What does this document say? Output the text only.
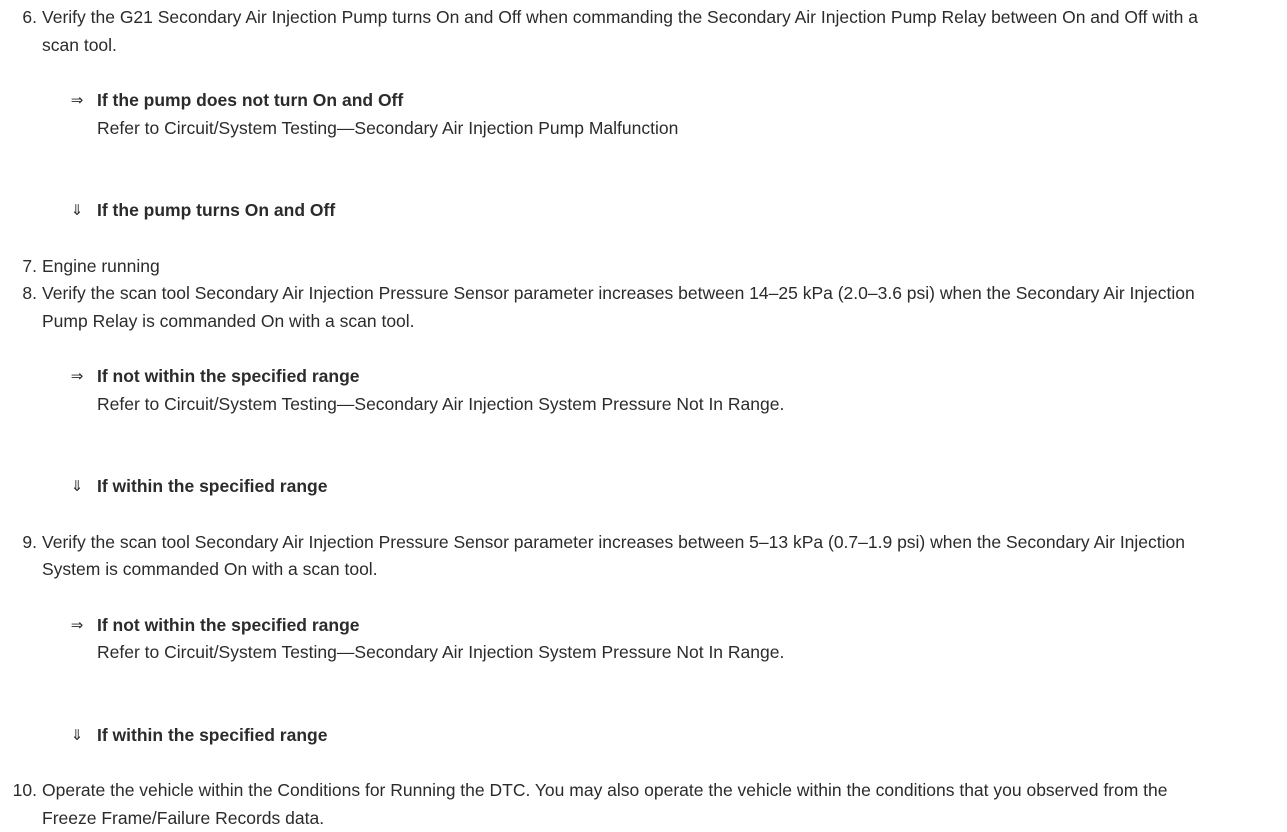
6. Verify the G21 Secondary Air Injection Pump turns On and Off when commanding the Secondary Air Injection Pump Relay between On and Off with a scan tool.
⇒ If the pump does not turn On and Off
Refer to Circuit/System Testing—Secondary Air Injection Pump Malfunction
⇓ If the pump turns On and Off
7. Engine running
8. Verify the scan tool Secondary Air Injection Pressure Sensor parameter increases between 14–25 kPa (2.0–3.6 psi) when the Secondary Air Injection Pump Relay is commanded On with a scan tool.
⇒ If not within the specified range
Refer to Circuit/System Testing—Secondary Air Injection System Pressure Not In Range.
⇓ If within the specified range
9. Verify the scan tool Secondary Air Injection Pressure Sensor parameter increases between 5–13 kPa (0.7–1.9 psi) when the Secondary Air Injection System is commanded On with a scan tool.
⇒ If not within the specified range
Refer to Circuit/System Testing—Secondary Air Injection System Pressure Not In Range.
⇓ If within the specified range
10. Operate the vehicle within the Conditions for Running the DTC. You may also operate the vehicle within the conditions that you observed from the Freeze Frame/Failure Records data.
